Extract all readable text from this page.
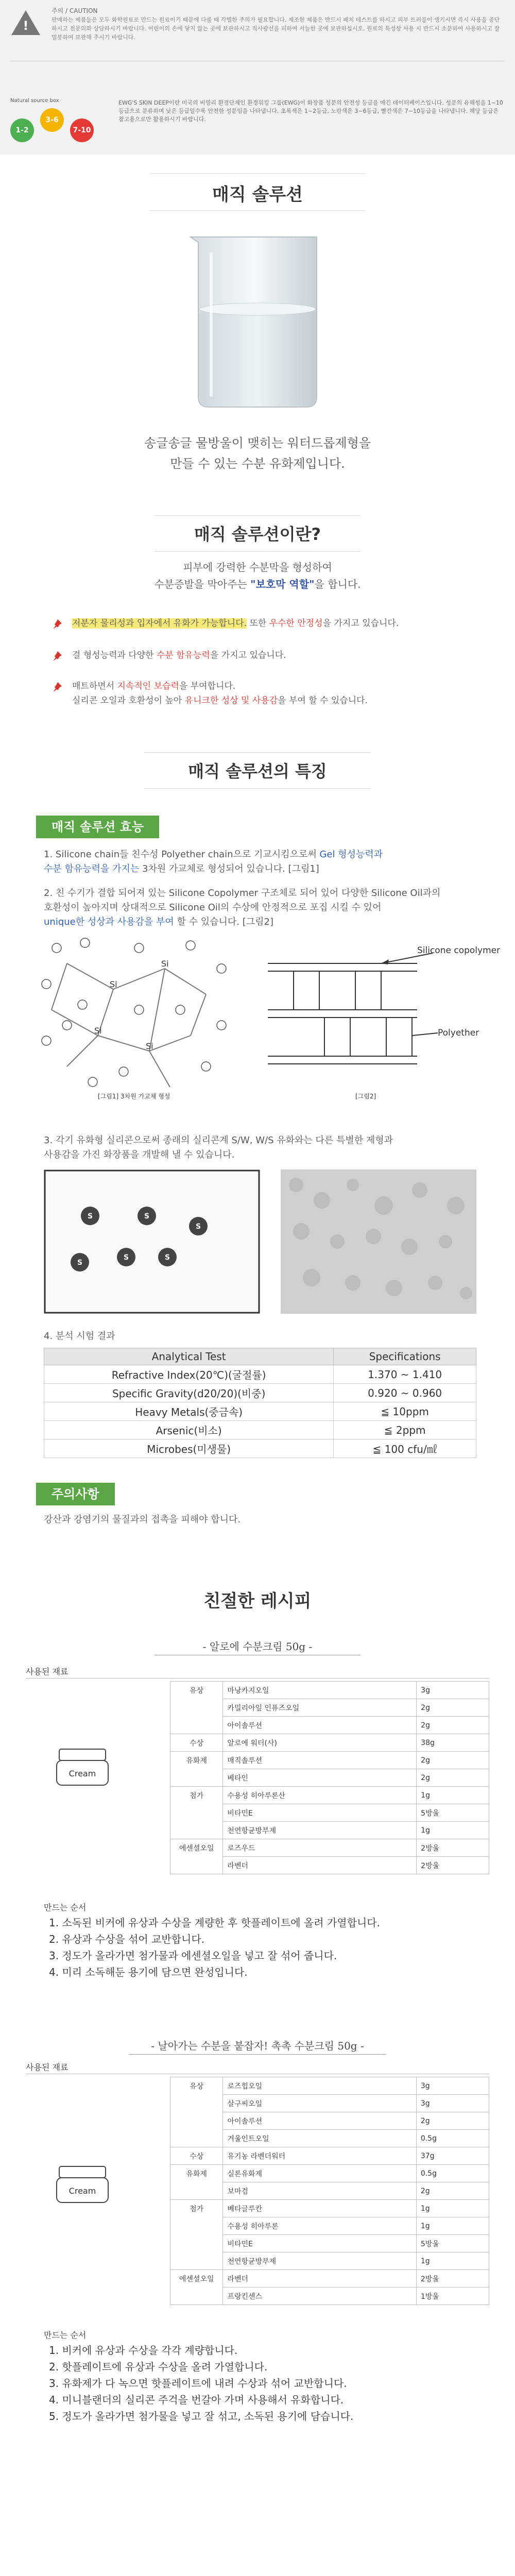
!
주의 / CAUTION
판매하는 제품들은 모두 화학원료로 만드는 원료이기 때문에 다룰 때 각별한 주의가 필요합니다. 제조한 제품은 반드시 패치 테스트를 하시고 피부 트러블이 생기시면 즉시 사용을 중단하시고 전문의와 상담하시기 바랍니다. 어린이의 손에 닿지 않는 곳에 보관하시고 직사광선을 피하여 서늘한 곳에 보관하십시오. 원료의 특성상 사용 시 반드시 소분하여 사용하시고 잘 밀봉하여 보관해 주시기 바랍니다.
Natural source box
1-2
3-6
7-10
EWG'S SKIN DEEP이란 미국의 비영리 환경단체인 환경워킹 그룹(EWG)이 화장품 성분의 안전성 등급을 매긴 데이터베이스입니다. 성분의 유해성을 1~10 등급으로 분류하며 낮은 등급일수록 안전한 성분임을 나타냅니다. 초록색은 1~2등급, 노란색은 3~6등급, 빨간색은 7~10등급을 나타냅니다. 해당 등급은 참고용으로만 활용하시기 바랍니다.
매직 솔루션
송글송글 물방울이 맺히는 워터드롭제형을
만들 수 있는 수분 유화제입니다.
매직 솔루션이란?
피부에 강력한 수분막을 형성하여
수분증발을 막아주는 "보호막 역할"을 합니다.
저분자 물리성과 입자에서 유화가 가능합니다. 또한 우수한 안정성을 가지고 있습니다.
결 형성능력과 다양한 수분 함유능력을 가지고 있습니다.
매트하면서 지속적인 보습력을 부여합니다.
실리콘 오일과 호환성이 높아 유니크한 성상 및 사용감을 부여 할 수 있습니다.
매직 솔루션의 특징
매직 솔루션 효능
1. Silicone chain들 친수성 Polyether chain으로 기교시킴으로써 Gel 형성능력과
수분 함유능력을 가지는 3차원 가교체로 형성되어 있습니다. [그림1]
2. 친 수기가 결합 되어져 있는 Silicone Copolymer 구조체로 되어 있어 다양한 Silicone Oil과의
호환성이 높아지며 상대적으로 Silicone Oil의 수상에 안정적으로 포집 시킬 수 있어
unique한 성상과 사용감을 부여 할 수 있습니다. [그림2]
Si
Si
Si
Si
[그림1] 3차원 가교체 형성
Silicone copolymer
Polyether
[그림2]
3. 각기 유화형 실리콘으로써 종래의 실리콘계 S/W, W/S 유화와는 다른 특별한 제형과
사용감을 가진 화장품을 개발해 낼 수 있습니다.
S	S
S
S	S
S
4. 분석 시험 결과
Analytical Test	Specifications
Refractive Index(20℃)(굴절률)	1.370 ~ 1.410
Specific Gravity(d20/20)(비중)	0.920 ~ 0.960
Heavy Metals(중금속)	≦ 10ppm
Arsenic(비소)	≦ 2ppm
Microbes(미생물)	≦ 100 cfu/㎖
주의사항
강산과 강염기의 물질과의 접촉을 피해야 합니다.
친절한 레시피
- 알로에 수분크림 50g -
사용된 재료
Cream
유상	마낭카지오일	3g
	카밀리아잎 인퓨즈오일	2g
	아이솔루션	2g
수상	알로에 워터(사)	38g
유화제	매직솔루션	2g
	베타인	2g
첨가	수용성 히아루론산	1g
	비타민E	5방울
	천연항균방부제	1g
에센셜오일	로즈우드	2방울
	라벤더	2방울
만드는 순서
1. 소독된 비커에 유상과 수상을 계량한 후 핫플레이트에 올려 가열합니다.
2. 유상과 수상을 섞어 교반합니다.
3. 정도가 올라가면 첨가물과 에센셜오일을 넣고 잘 섞어 줍니다.
4. 미리 소독해둔 용기에 담으면 완성입니다.
- 날아가는 수분을 붙잡자! 촉촉 수분크림 50g -
사용된 재료
Cream
유상	로즈힙오일	3g
	살구씨오일	3g
	아이솔루션	2g
	겨울인트오일	0.5g
수상	유기농 라벤더워터	37g
유화제	실론유화제	0.5g
	보마검	2g
첨가	베타글루칸	1g
	수용성 히아루론	1g
	비타민E	5방울
	천연항균방부제	1g
에센셜오일	라벤더	2방울
	프랑킨센스	1방울
만드는 순서
1. 비커에 유상과 수상을 각각 계량합니다.
2. 핫플레이트에 유상과 수상을 올려 가열합니다.
3. 유화제가 다 녹으면 핫플레이트에 내려 수상과 섞어 교반합니다.
4. 미니블랜더의 실리콘 주걱을 번갈아 가며 사용해서 유화합니다.
5. 정도가 올라가면 첨가물을 넣고 잘 섞고, 소독된 용기에 담습니다.
